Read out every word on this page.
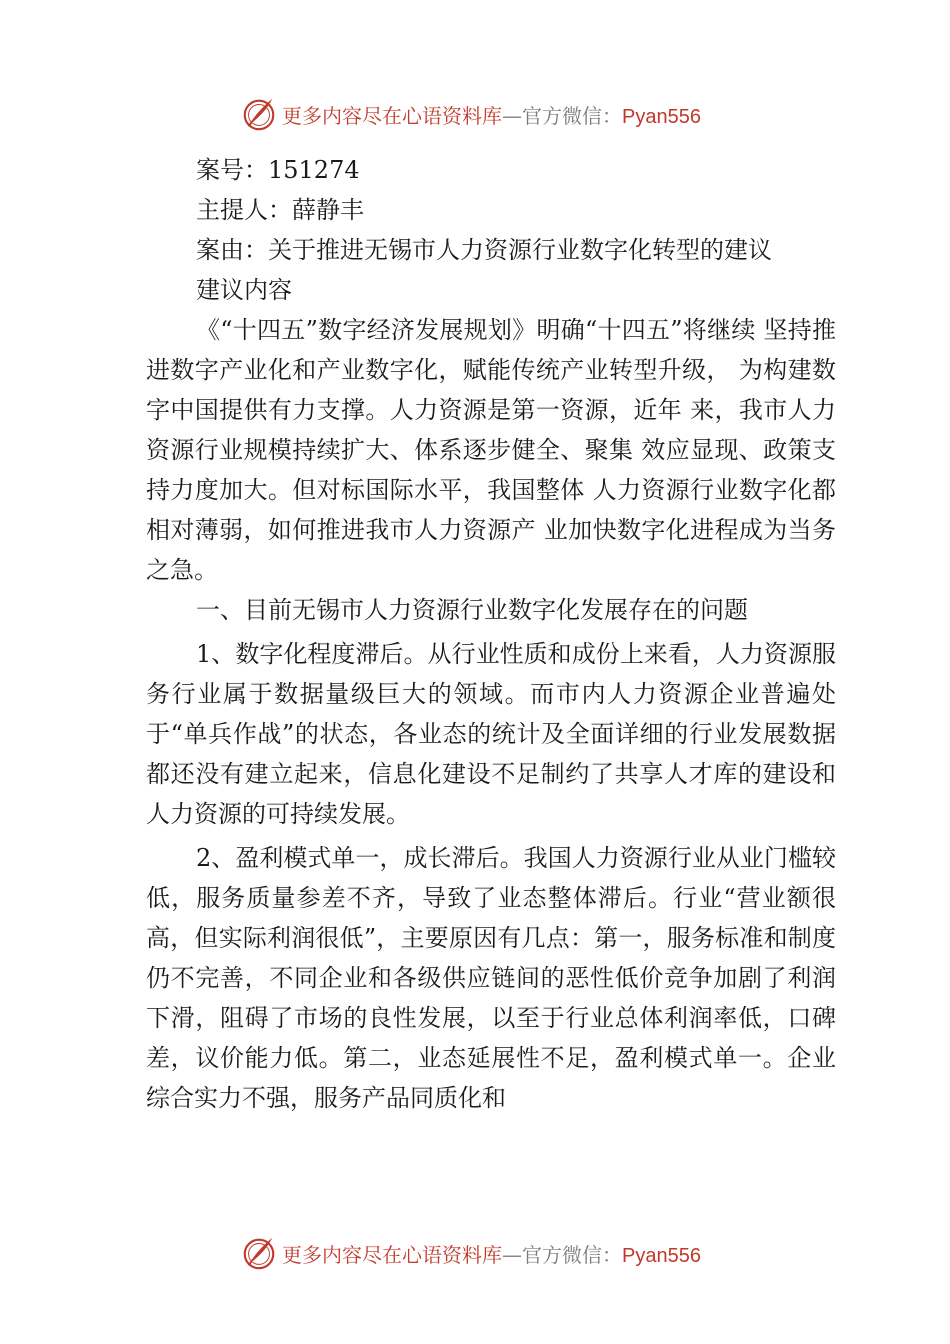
更多内容尽在心语资料库—官方微信：Pyan556

案号：151274

主提人：薛静丰

案由：关于推进无锡市人力资源行业数字化转型的建议

建议内容

《“十四五”数字经济发展规划》明确“十四五”将继续 坚持推进数字产业化和产业数字化，赋能传统产业转型升级， 为构建数字中国提供有力支撑。人力资源是第一资源，近年 来，我市人力资源行业规模持续扩大、体系逐步健全、聚集 效应显现、政策支持力度加大。但对标国际水平，我国整体 人力资源行业数字化都相对薄弱，如何推进我市人力资源产 业加快数字化进程成为当务之急。

一、目前无锡市人力资源行业数字化发展存在的问题

1、数字化程度滞后。从行业性质和成份上来看，人力资源服务行业属于数据量级巨大的领域。而市内人力资源企业普遍处于“单兵作战”的状态，各业态的统计及全面详细的行业发展数据都还没有建立起来，信息化建设不足制约了共享人才库的建设和人力资源的可持续发展。

2、盈利模式单一，成长滞后。我国人力资源行业从业门槛较低，服务质量参差不齐，导致了业态整体滞后。行业“营业额很高，但实际利润很低”，主要原因有几点：第一，服务标准和制度仍不完善，不同企业和各级供应链间的恶性低价竞争加剧了利润下滑，阻碍了市场的良性发展，以至于行业总体利润率低，口碑差，议价能力低。第二，业态延展性不足，盈利模式单一。企业综合实力不强，服务产品同质化和

更多内容尽在心语资料库—官方微信：Pyan556
